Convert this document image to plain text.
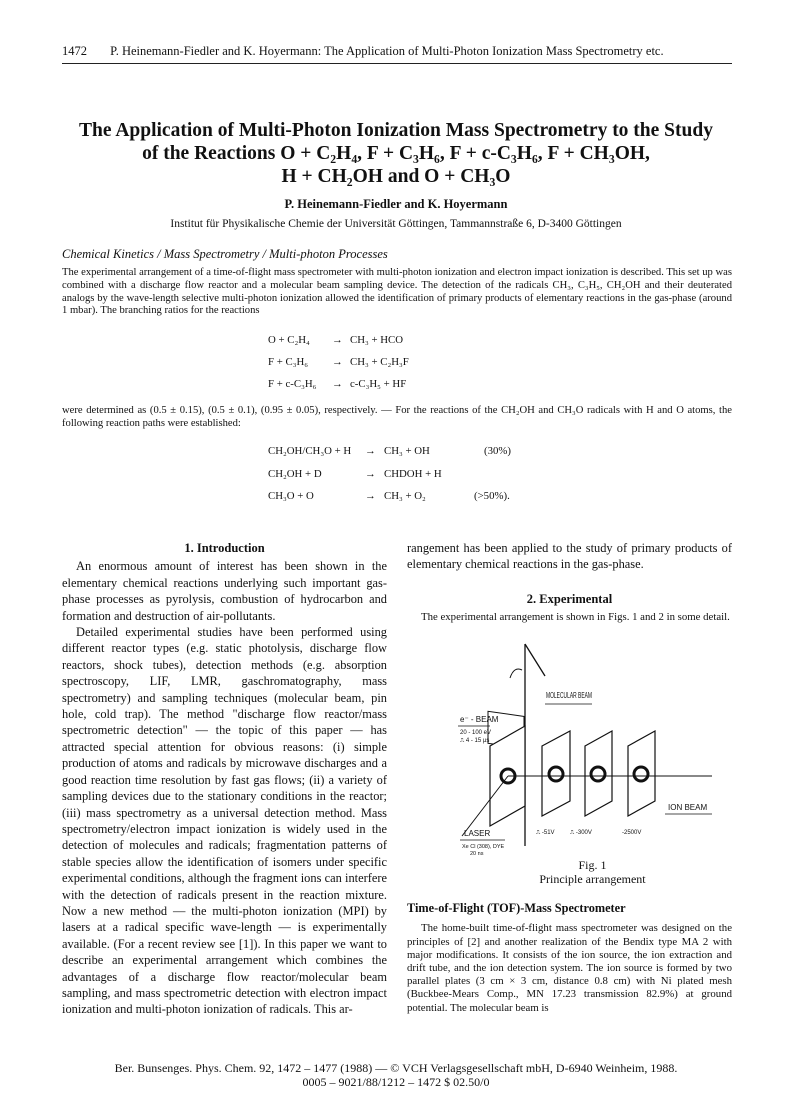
1472 P. Heinemann-Fiedler and K. Hoyermann: The Application of Multi-Photon Ionization Mass Spectrometry etc.
The Application of Multi-Photon Ionization Mass Spectrometry to the Study
of the Reactions O + C₂H₄, F + C₃H₆, F + c-C₃H₆, F + CH₃OH,
H + CH₂OH and O + CH₃O
P. Heinemann-Fiedler and K. Hoyermann
Institut für Physikalische Chemie der Universität Göttingen, Tammannstraße 6, D-3400 Göttingen
Chemical Kinetics / Mass Spectrometry / Multi-photon Processes
The experimental arrangement of a time-of-flight mass spectrometer with multi-photon ionization and electron impact ionization is described. This set up was combined with a discharge flow reactor and a molecular beam sampling device. The detection of the radicals CH₃, C₃H₅, CH₂OH and their deuterated analogs by the wave-length selective multi-photon ionization allowed the identification of primary products of elementary reactions in the gas-phase (around 1 mbar). The branching ratios for the reactions
O + C₂H₄ → CH₃ + HCO
F + C₃H₆ → CH₃ + C₂H₃F
F + c-C₃H₆ → c-C₃H₅ + HF
were determined as (0.5 ± 0.15), (0.5 ± 0.1), (0.95 ± 0.05), respectively. — For the reactions of the CH₂OH and CH₃O radicals with H and O atoms, the following reaction paths were established:
CH₂OH/CH₃O + H → CH₃ + OH	(30%)
CH₂OH + D	→ CHDOH + H
CH₃O + O	→ CH₃ + O₂	(>50%).
1. Introduction

An enormous amount of interest has been shown in the elementary chemical reactions underlying such important gas-phase processes as pyrolysis, combustion of hydrocarbon and formation and destruction of air-pollutants.

Detailed experimental studies have been performed using different reactor types (e.g. static photolysis, discharge flow reactors, shock tubes), detection methods (e.g. absorption spectroscopy, LIF, LMR, gaschromatography, mass spectrometry) and sampling techniques (molecular beam, pin hole, cold trap). The method "discharge flow reactor/mass spectrometric detection" — the topic of this paper — has attracted special attention for obvious reasons: (i) simple production of atoms and radicals by microwave discharges and a good reaction time resolution by fast gas flows; (ii) a variety of sampling devices due to the stationary conditions in the reactor; (iii) mass spectrometry as a universal detection method. Mass spectrometry/electron impact ionization is widely used in the detection of molecules and radicals; fragmentation patterns of stable species allow the identification of isomers under specific experimental conditions, although the fragment ions can interfere with the detection of radicals present in the reaction mixture. Now a new method — the multi-photon ionization (MPI) by lasers at a radical specific wave-length — is experimentally available. (For a recent review see [1]). In this paper we want to describe an experimental arrangement which combines the advantages of a discharge flow reactor/molecular beam sampling, and mass spectrometric detection with electron impact ionization and multi-photon ionization of radicals. This ar-

rangement has been applied to the study of primary products of elementary chemical reactions in the gas-phase.

2. Experimental

The experimental arrangement is shown in Figs. 1 and 2 in some detail.

MOLECULAR BEAM
e⁻ - BEAM
20 - 100 eV
⎍ 4 - 15 μs
ION BEAM
LASER
Xe Cl (308), DYE
20 ns
⎍ -51V	⎍ -300V	-2500V
Fig. 1
Principle arrangement
Time-of-Flight (TOF)-Mass Spectrometer

The home-built time-of-flight mass spectrometer was designed on the principles of [2] and another realization of the Bendix type MA 2 with major modifications. It consists of the ion source, the ion extraction and drift tube, and the ion detection system. The ion source is formed by two parallel plates (3 cm × 3 cm, distance 0.8 cm) with Ni plated mesh (Buckbee-Mears Comp., MN 17.23 transmission 82.9%) at ground potential. The molecular beam is

Ber. Bunsenges. Phys. Chem. 92, 1472 – 1477 (1988) — © VCH Verlagsgesellschaft mbH, D-6940 Weinheim, 1988.
0005 – 9021/88/1212 – 1472 $ 02.50/0
